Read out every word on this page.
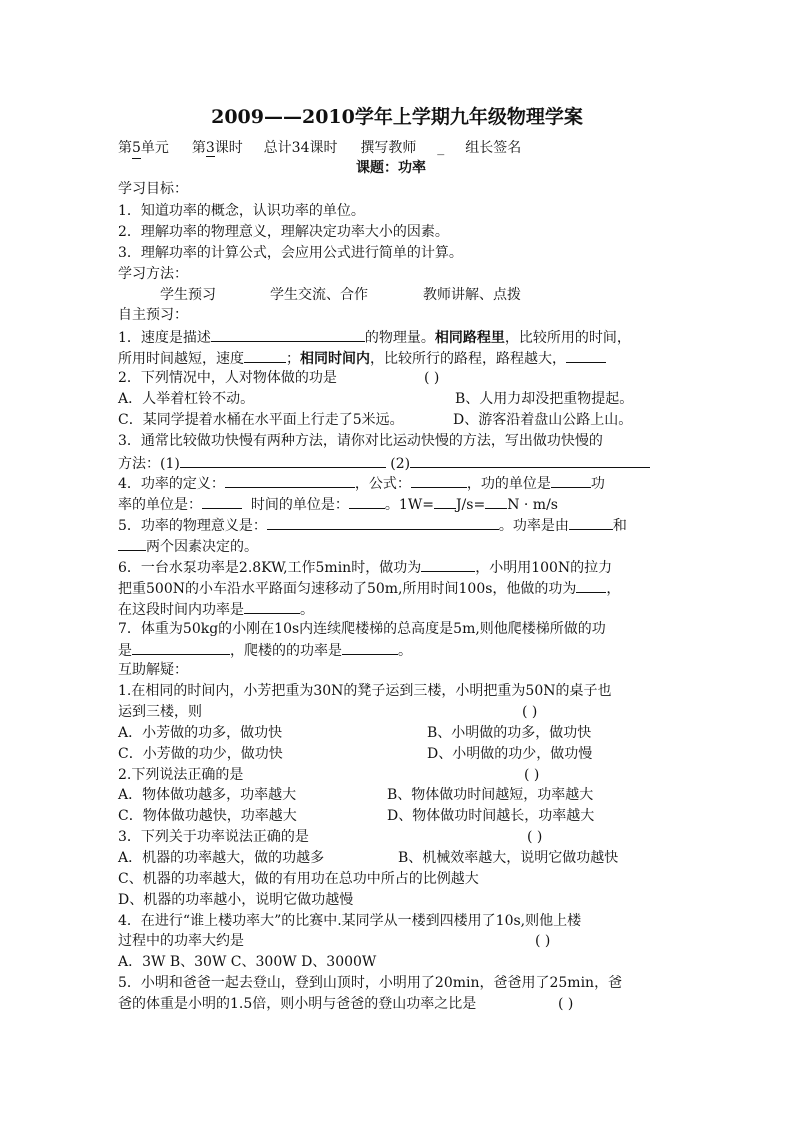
2009——2010学年上学期九年级物理学案
第5单元 第3课时 总计34课时 撰写教师 _ 组长签名
课题：功率
学习目标：
1．知道功率的概念，认识功率的单位。
2．理解功率的物理意义，理解决定功率大小的因素。
3．理解功率的计算公式，会应用公式进行简单的计算。
学习方法：
学生预习	学生交流、合作	教师讲解、点拨
自主预习：
1．速度是描述	的物理量。相同路程里，比较所用的时间，
所用时间越短，速度	；相同时间内，比较所行的路程，路程越大，
2．下列情况中，人对物体做的功是	( )
A．人举着杠铃不动。	B、人用力却没把重物提起。
C．某同学提着水桶在水平面上行走了5米远。	D、游客沿着盘山公路上山。
3．通常比较做功快慢有两种方法，请你对比运动快慢的方法，写出做功快慢的
方法：(1)	(2)
4．功率的定义：	，公式：	，功的单位是	功
率的单位是：	时间的单位是：	。1W= J/s= N · m/s
5．功率的物理意义是：	。功率是由	和
两个因素决定的。
6．一台水泵功率是2.8KW,工作5min时，做功为	，小明用100N的拉力
把重500N的小车沿水平路面匀速移动了50m,所用时间100s，他做的功为 ，
在这段时间内功率是	。
7．体重为50kg的小刚在10s内连续爬楼梯的总高度是5m,则他爬楼梯所做的功
是	，爬楼的的功率是	。
互助解疑：
1.在相同的时间内，小芳把重为30N的凳子运到三楼，小明把重为50N的桌子也
运到三楼，则	( )
A．小芳做的功多，做功快	B、小明做的功多，做功快
C．小芳做的功少，做功快	D、小明做的功少，做功慢
2.下列说法正确的是	( )
A．物体做功越多，功率越大	B、物体做功时间越短，功率越大
C．物体做功越快，功率越大	D、物体做功时间越长，功率越大
3．下列关于功率说法正确的是	( )
A．机器的功率越大，做的功越多	B、机械效率越大，说明它做功越快
C、机器的功率越大，做的有用功在总功中所占的比例越大
D、机器的功率越小，说明它做功越慢
4．在进行“谁上楼功率大”的比赛中.某同学从一楼到四楼用了10s,则他上楼
过程中的功率大约是	( )
A．3W B、30W C、300W D、3000W
5．小明和爸爸一起去登山，登到山顶时，小明用了20min，爸爸用了25min，爸
爸的体重是小明的1.5倍，则小明与爸爸的登山功率之比是	( )
